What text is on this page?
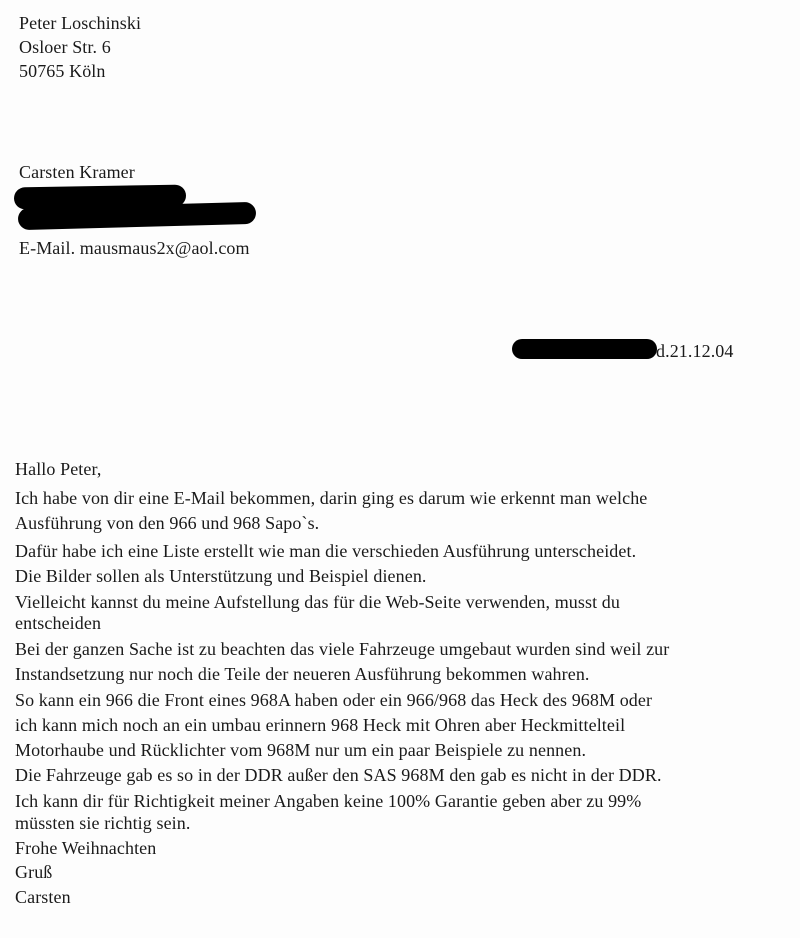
Peter Loschinski
Osloer Str. 6
50765 Köln
Carsten Kramer
E-Mail. mausmaus2x@aol.com
d.21.12.04
Hallo Peter,
Ich habe von dir eine E-Mail bekommen, darin ging es darum wie erkennt man welche
Ausführung von den 966 und 968 Sapo`s.
Dafür habe ich eine Liste erstellt wie man die verschieden Ausführung unterscheidet.
Die Bilder sollen als Unterstützung und Beispiel dienen.
Vielleicht kannst du meine Aufstellung das für die Web-Seite verwenden, musst du
entscheiden
Bei der ganzen Sache ist zu beachten das viele Fahrzeuge umgebaut wurden sind weil zur
Instandsetzung nur noch die Teile der neueren Ausführung bekommen wahren.
So kann ein 966 die Front eines 968A haben oder ein 966/968 das Heck des 968M oder
ich kann mich noch an ein umbau erinnern 968 Heck mit Ohren aber Heckmittelteil
Motorhaube und Rücklichter vom 968M nur um ein paar Beispiele zu nennen.
Die Fahrzeuge gab es so in der DDR außer den SAS 968M den gab es nicht in der DDR.
Ich kann dir für Richtigkeit meiner Angaben keine 100% Garantie geben aber zu 99%
müssten sie richtig sein.
Frohe Weihnachten
Gruß
Carsten
